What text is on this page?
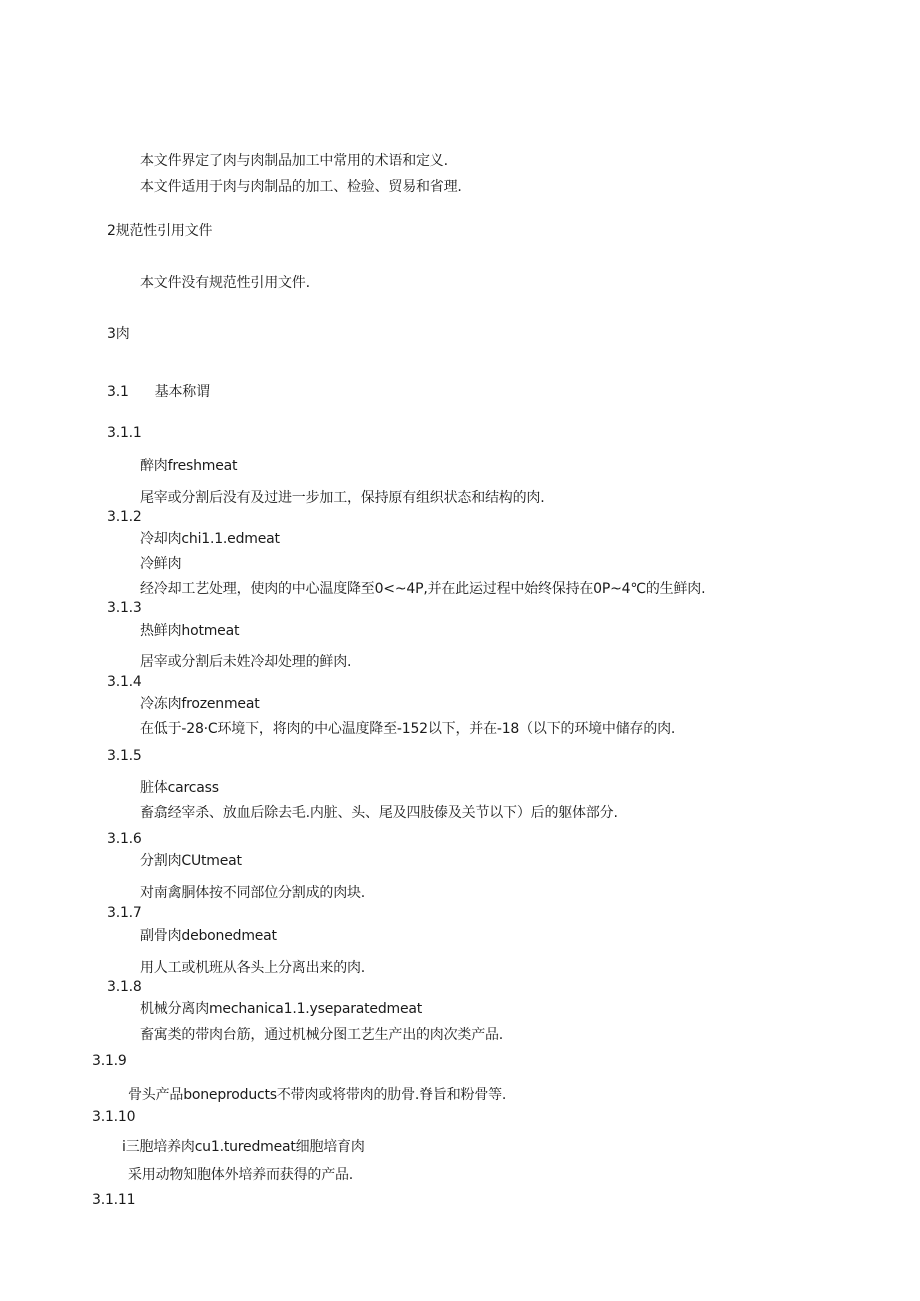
本文件界定了肉与肉制品加工中常用的术语和定义.
本文件适用于肉与肉制品的加工、检验、贸易和省理.
2规范性引用文件
本文件没有规范性引用文件.
3肉
3.1 基本称谓
3.1.1
醉肉freshmeat
尾宰或分割后没有及过进一步加工，保持原有组织状态和结构的肉.
3.1.2
冷却肉chi1.1.edmeat
冷鲜肉
经冷却工艺处理，使肉的中心温度降至0<~4P,并在此运过程中始终保持在0P~4℃的生鲜肉.
3.1.3
热鲜肉hotmeat
居宰或分割后未姓冷却处理的鲜肉.
3.1.4
冷冻肉frozenmeat
在低于-28·C环境下，将肉的中心温度降至-152以下，并在-18（以下的环境中储存的肉.
3.1.5
脏体carcass
畜翕经宰杀、放血后除去毛.内脏、头、尾及四肢傣及关节以下）后的躯体部分.
3.1.6
分割肉CUtmeat
对南禽胴体按不同部位分割成的肉块.
3.1.7
副骨肉debonedmeat
用人工或机班从各头上分离出来的肉.
3.1.8
机械分离肉mechanica1.1.yseparatedmeat
畜寓类的带肉台筋，通过机械分图工艺生产出的肉次类产品.
3.1.9
骨头产品boneproducts不带肉或将带肉的肋骨.脊旨和粉骨等.
3.1.10
i三胞培养肉cu1.turedmeat细胞培育肉
采用动物知胞体外培养而获得的产品.
3.1.11
